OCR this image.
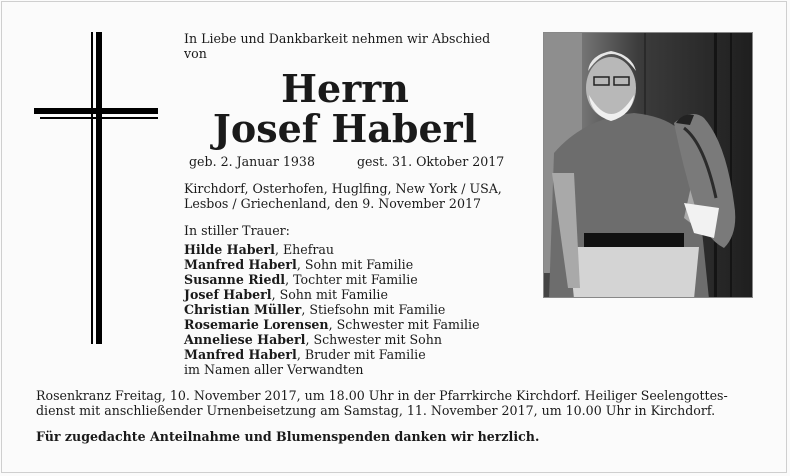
In Liebe und Dankbarkeit nehmen wir Abschied
von
Herrn
Josef Haberl
geb. 2. Januar 1938	gest. 31. Oktober 2017
Kirchdorf, Osterhofen, Huglfing, New York / USA,
Lesbos / Griechenland, den 9. November 2017
In stiller Trauer:
Hilde Haberl, Ehefrau
Manfred Haberl, Sohn mit Familie
Susanne Riedl, Tochter mit Familie
Josef Haberl, Sohn mit Familie
Christian Müller, Stiefsohn mit Familie
Rosemarie Lorensen, Schwester mit Familie
Anneliese Haberl, Schwester mit Sohn
Manfred Haberl, Bruder mit Familie
im Namen aller Verwandten
Rosenkranz Freitag, 10. November 2017, um 18.00 Uhr in der Pfarrkirche Kirchdorf. Heiliger Seelengottes-
dienst mit anschließender Urnenbeisetzung am Samstag, 11. November 2017, um 10.00 Uhr in Kirchdorf.
Für zugedachte Anteilnahme und Blumenspenden danken wir herzlich.
